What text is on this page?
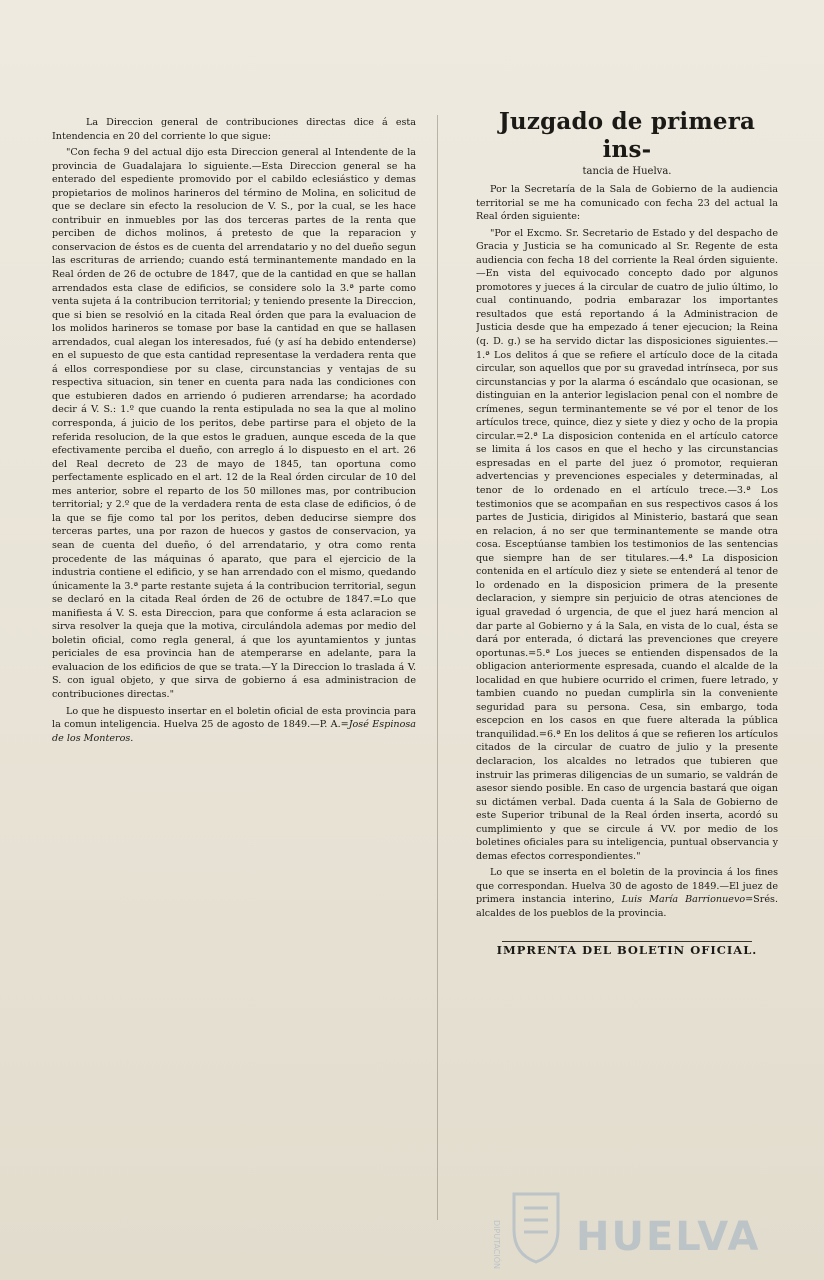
La Direccion general de contribuciones directas dice á esta Intendencia en 20 del corriente lo que sigue:

"Con fecha 9 del actual dijo esta Direccion general al Intendente de la provincia de Guadalajara lo siguiente.—Esta Direccion general se ha enterado del espediente promovido por el cabildo eclesiástico y demas propietarios de molinos harineros del término de Molina, en solicitud de que se declare sin efecto la resolucion de V. S., por la cual, se les hace contribuir en inmuebles por las dos terceras partes de la renta que perciben de dichos molinos, á pretesto de que la reparacion y conservacion de éstos es de cuenta del arrendatario y no del dueño segun las escrituras de arriendo; cuando está terminantemente mandado en la Real órden de 26 de octubre de 1847, que de la cantidad en que se hallan arrendados esta clase de edificios, se considere solo la 3.ª parte como venta sujeta á la contribucion territorial; y teniendo presente la Direccion, que si bien se resolvió en la citada Real órden que para la evaluacion de los molidos harineros se tomase por base la cantidad en que se hallasen arrendados, cual alegan los interesados, fué (y así ha debido entenderse) en el supuesto de que esta cantidad representase la verdadera renta que á ellos correspondiese por su clase, circunstancias y ventajas de su respectiva situacion, sin tener en cuenta para nada las condiciones con que estubieren dados en arriendo ó pudieren arrendarse; ha acordado decir á V. S.: 1.º que cuando la renta estipulada no sea la que al molino corresponda, á juicio de los peritos, debe partirse para el objeto de la referida resolucion, de la que estos le graduen, aunque esceda de la que efectivamente perciba el dueño, con arreglo á lo dispuesto en el art. 26 del Real decreto de 23 de mayo de 1845, tan oportuna como perfectamente esplicado en el art. 12 de la Real órden circular de 10 del mes anterior, sobre el reparto de los 50 millones mas, por contribucion territorial; y 2.º que de la verdadera renta de esta clase de edificios, ó de la que se fije como tal por los peritos, deben deducirse siempre dos terceras partes, una por razon de huecos y gastos de conservacion, ya sean de cuenta del dueño, ó del arrendatario, y otra como renta procedente de las máquinas ó aparato, que para el ejercicio de la industria contiene el edificio, y se han arrendado con el mismo, quedando únicamente la 3.ª parte restante sujeta á la contribucion territorial, segun se declaró en la citada Real órden de 26 de octubre de 1847.=Lo que manifiesta á V. S. esta Direccion, para que conforme á esta aclaracion se sirva resolver la queja que la motiva, circulándola ademas por medio del boletin oficial, como regla general, á que los ayuntamientos y juntas periciales de esa provincia han de atemperarse en adelante, para la evaluacion de los edificios de que se trata.—Y la Direccion lo traslada á V. S. con igual objeto, y que sirva de gobierno á esa administracion de contribuciones directas."

Lo que he dispuesto insertar en el boletin oficial de esta provincia para la comun inteligencia. Huelva 25 de agosto de 1849.—P. A.=José Espinosa de los Monteros.

Juzgado de primera ins-
tancia de Huelva.

Por la Secretaría de la Sala de Gobierno de la audiencia territorial se me ha comunicado con fecha 23 del actual la Real órden siguiente:

"Por el Excmo. Sr. Secretario de Estado y del despacho de Gracia y Justicia se ha comunicado al Sr. Regente de esta audiencia con fecha 18 del corriente la Real órden siguiente.—En vista del equivocado concepto dado por algunos promotores y jueces á la circular de cuatro de julio último, lo cual continuando, podria embarazar los importantes resultados que está reportando á la Administracion de Justicia desde que ha empezado á tener ejecucion; la Reina (q. D. g.) se ha servido dictar las disposiciones siguientes.—1.ª Los delitos á que se refiere el artículo doce de la citada circular, son aquellos que por su gravedad intrínseca, por sus circunstancias y por la alarma ó escándalo que ocasionan, se distinguian en la anterior legislacion penal con el nombre de crímenes, segun terminantemente se vé por el tenor de los artículos trece, quince, diez y siete y diez y ocho de la propia circular.=2.ª La disposicion contenida en el artículo catorce se limita á los casos en que el hecho y las circunstancias espresadas en el parte del juez ó promotor, requieran advertencias y prevenciones especiales y determinadas, al tenor de lo ordenado en el artículo trece.—3.ª Los testimonios que se acompañan en sus respectivos casos á los partes de Justicia, dirigidos al Ministerio, bastará que sean en relacion, á no ser que terminantemente se mande otra cosa. Esceptúanse tambien los testimonios de las sentencias que siempre han de ser titulares.—4.ª La disposicion contenida en el artículo diez y siete se entenderá al tenor de lo ordenado en la disposicion primera de la presente declaracion, y siempre sin perjuicio de otras atenciones de igual gravedad ó urgencia, de que el juez hará mencion al dar parte al Gobierno y á la Sala, en vista de lo cual, ésta se dará por enterada, ó dictará las prevenciones que creyere oportunas.=5.ª Los jueces se entienden dispensados de la obligacion anteriormente espresada, cuando el alcalde de la localidad en que hubiere ocurrido el crimen, fuere letrado, y tambien cuando no puedan cumplirla sin la conveniente seguridad para su persona. Cesa, sin embargo, toda escepcion en los casos en que fuere alterada la pública tranquilidad.=6.ª En los delitos á que se refieren los artículos citados de la circular de cuatro de julio y la presente declaracion, los alcaldes no letrados que tubieren que instruir las primeras diligencias de un sumario, se valdrán de asesor siendo posible. En caso de urgencia bastará que oigan su dictámen verbal. Dada cuenta á la Sala de Gobierno de este Superior tribunal de la Real órden inserta, acordó su cumplimiento y que se circule á VV. por medio de los boletines oficiales para su inteligencia, puntual observancia y demas efectos correspondientes."

Lo que se inserta en el boletin de la provincia á los fines que correspondan. Huelva 30 de agosto de 1849.—El juez de primera instancia interino, Luis María Barrionuevo=Srés. alcaldes de los pueblos de la provincia.

IMPRENTA DEL BOLETIN OFICIAL.

DIPUTACIÓN HUELVA
